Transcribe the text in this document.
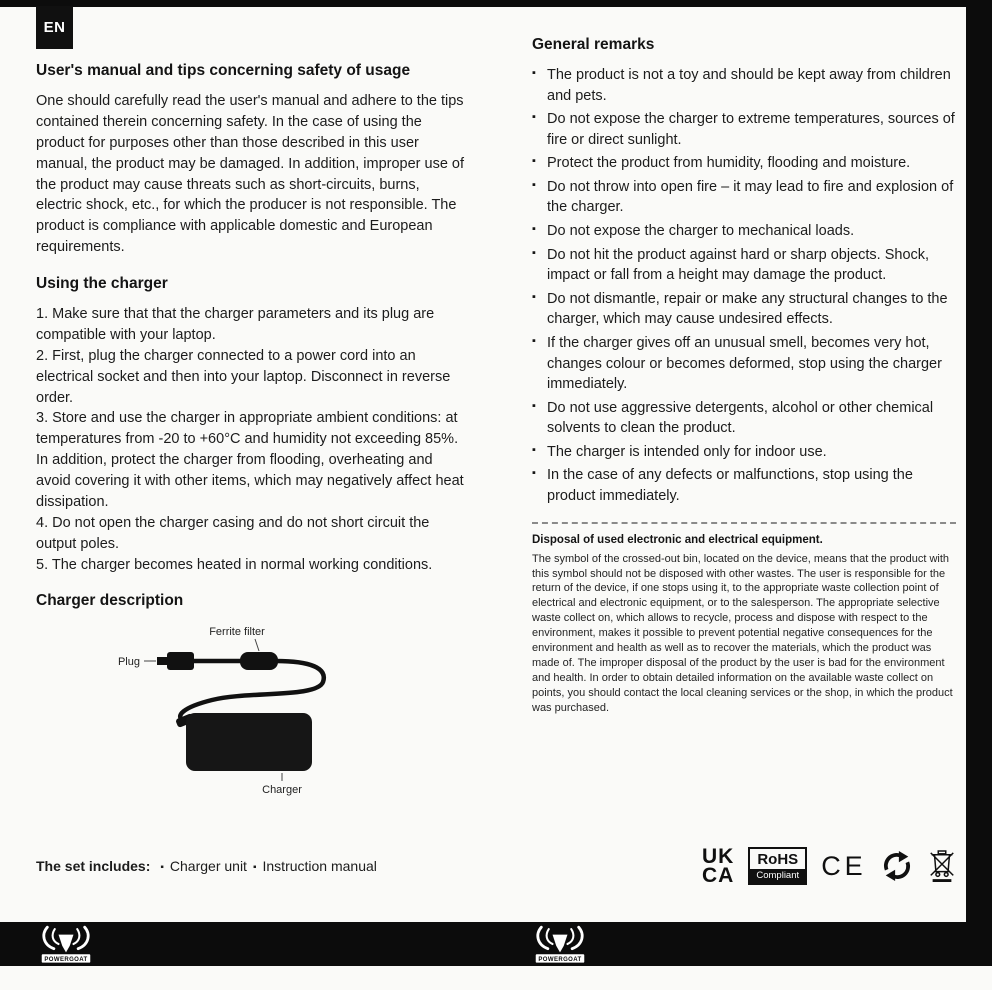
EN
User's manual and tips concerning safety of usage

One should carefully read the user's manual and adhere to the tips contained therein concerning safety. In the case of using the product for purposes other than those described in this user manual, the product may be damaged. In addition, improper use of the product may cause threats such as short-circuits, burns, electric shock, etc., for which the producer is not responsible. The product is compliance with applicable domestic and European requirements.

Using the charger

1. Make sure that that the charger parameters and its plug are compatible with your laptop.

2. First, plug the charger connected to a power cord into an electrical socket and then into your laptop. Disconnect in reverse order.

3. Store and use the charger in appropriate ambient conditions: at temperatures from -20 to +60°C and humidity not exceeding 85%. In addition, protect the charger from flooding, overheating and avoid covering it with other items, which may negatively affect heat dissipation.

4. Do not open the charger casing and do not short circuit the output poles.

5. The charger becomes heated in normal working conditions.

Charger description
Ferrite filter
Plug
Charger
The set includes: ▪ Charger unit ▪ Instruction manual
General remarks
▪ The product is not a toy and should be kept away from children and pets.
▪ Do not expose the charger to extreme temperatures, sources of fire or direct sunlight.
▪ Protect the product from humidity, flooding and moisture.
▪ Do not throw into open fire – it may lead to fire and explosion of the charger.
▪ Do not expose the charger to mechanical loads.
▪ Do not hit the product against hard or sharp objects. Shock, impact or fall from a height may damage the product.
▪ Do not dismantle, repair or make any structural changes to the charger, which may cause undesired effects.
▪ If the charger gives off an unusual smell, becomes very hot, changes colour or becomes deformed, stop using the charger immediately.
▪ Do not use aggressive detergents, alcohol or other chemical solvents to clean the product.
▪ The charger is intended only for indoor use.
▪ In the case of any defects or malfunctions, stop using the product immediately.
Disposal of used electronic and electrical equipment.

The symbol of the crossed-out bin, located on the device, means that the product with this symbol should not be disposed with other wastes. The user is responsible for the return of the device, if one stops using it, to the appropriate waste collection point of electrical and electronic equipment, or to the salesperson. The appropriate selective waste collect on, which allows to recycle, process and dispose with respect to the environment, makes it possible to prevent potential negative consequences for the environment and health as well as to recover the materials, which the product was made of. The improper disposal of the product by the user is bad for the environment and health. In order to obtain detailed information on the available waste collect on points, you should contact the local cleaning services or the shop, in which the product was purchased.

UK
CA
RoHS
Compliant CE
POWERGOAT	POWERGOAT
